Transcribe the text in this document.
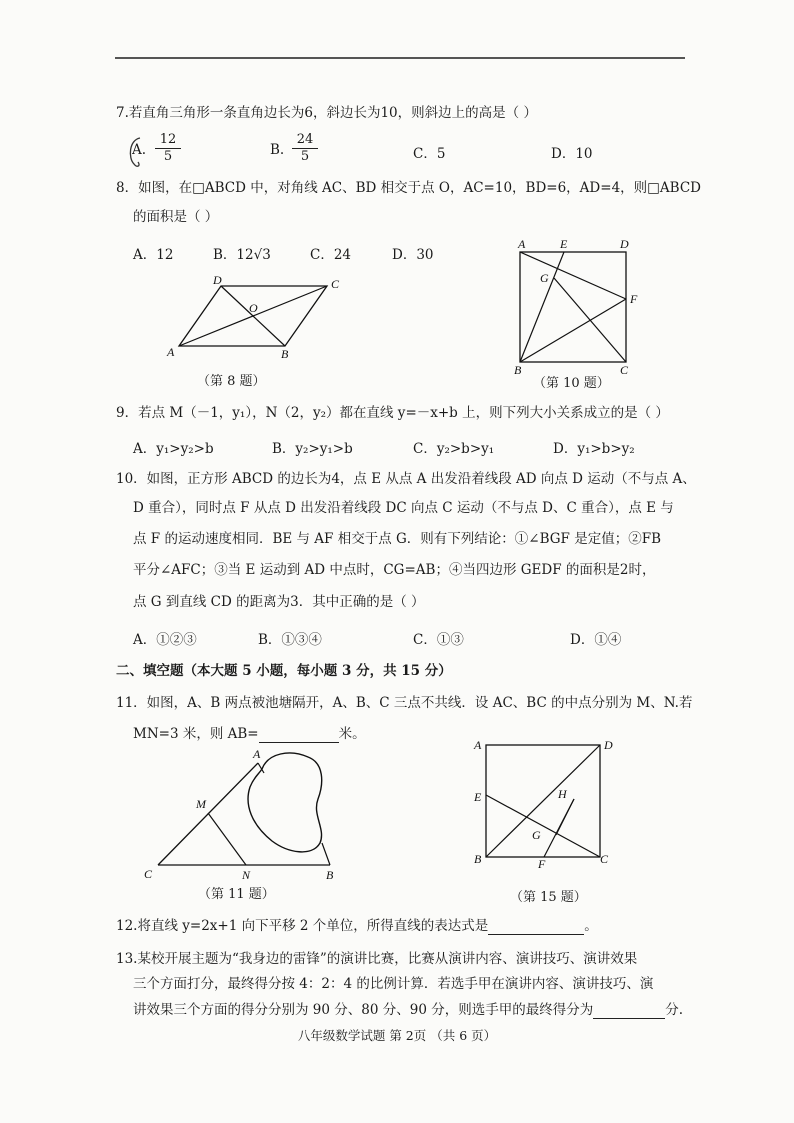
7.若直角三角形一条直角边长为6，斜边长为10，则斜边上的高是（ ）
A. $\frac{12}{5}$	B. $\frac{24}{5}$	C．5	D．10
8．如图，在□ABCD 中，对角线 AC、BD 相交于点 O，AC=10，BD=6，AD=4，则□ABCD
的面积是（ ）
A．12	B．12√3	C．24	D．30
A	B
C
D
O
（第 8 题）
A	E	D
G
F
B	C
（第 10 题）
9．若点 M（－1，y₁），N（2，y₂）都在直线 y=－x+b 上，则下列大小关系成立的是（ ）
A．y₁>y₂>b	B．y₂>y₁>b	C．y₂>b>y₁	D．y₁>b>y₂
10．如图，正方形 ABCD 的边长为4，点 E 从点 A 出发沿着线段 AD 向点 D 运动（不与点 A、
D 重合），同时点 F 从点 D 出发沿着线段 DC 向点 C 运动（不与点 D、C 重合），点 E 与
点 F 的运动速度相同．BE 与 AF 相交于点 G．则有下列结论：①∠BGF 是定值；②FB
平分∠AFC；③当 E 运动到 AD 中点时，CG=AB；④当四边形 GEDF 的面积是2时，
点 G 到直线 CD 的距离为3．其中正确的是（ ）
A．①②③	B．①③④	C．①③	D．①④
二、填空题（本大题 5 小题，每小题 3 分，共 15 分）
11．如图，A、B 两点被池塘隔开，A、B、C 三点不共线．设 AC、BC 的中点分别为 M、N.若
MN=3 米，则 AB=	米。
A
M
C	N	B
（第 11 题）
A	D
E	H
G
B	F	C
（第 15 题）
12.将直线 y=2x+1 向下平移 2 个单位，所得直线的表达式是	。
13.某校开展主题为“我身边的雷锋”的演讲比赛，比赛从演讲内容、演讲技巧、演讲效果
三个方面打分，最终得分按 4：2：4 的比例计算．若选手甲在演讲内容、演讲技巧、演
讲效果三个方面的得分分别为 90 分、80 分、90 分，则选手甲的最终得分为	分.
八年级数学试题 第 2页 （共 6 页）
